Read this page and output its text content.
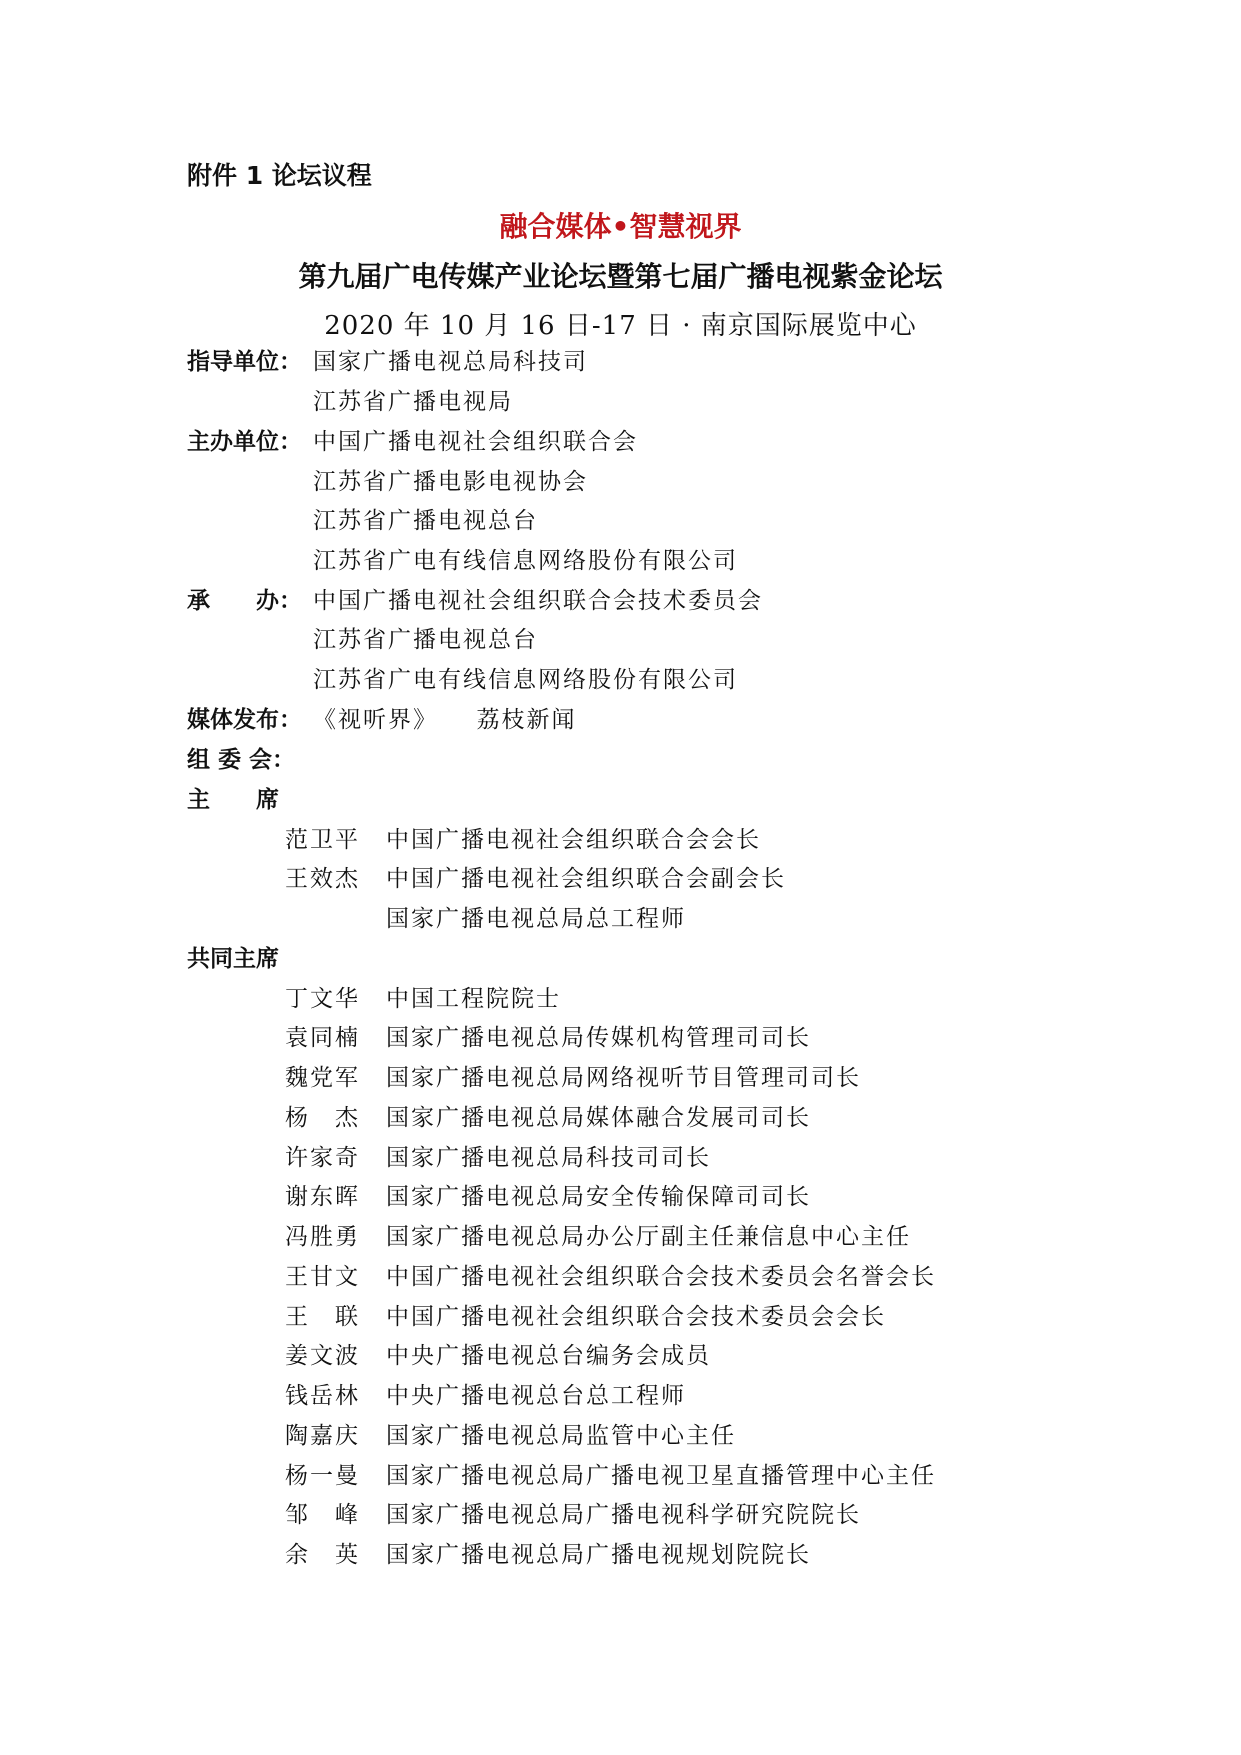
附件 1 论坛议程
融合媒体•智慧视界
第九届广电传媒产业论坛暨第七届广播电视紫金论坛
2020 年 10 月 16 日-17 日 · 南京国际展览中心
指导单位： 国家广播电视总局科技司
江苏省广播电视局
主办单位： 中国广播电视社会组织联合会
江苏省广播电影电视协会
江苏省广播电视总台
江苏省广电有线信息网络股份有限公司
承　　办： 中国广播电视社会组织联合会技术委员会
江苏省广播电视总台
江苏省广电有线信息网络股份有限公司
媒体发布： 《视听界》　　荔枝新闻
组 委 会：
主　　席
范卫平 中国广播电视社会组织联合会会长
王效杰 中国广播电视社会组织联合会副会长
国家广播电视总局总工程师
共同主席
丁文华 中国工程院院士
袁同楠 国家广播电视总局传媒机构管理司司长
魏党军 国家广播电视总局网络视听节目管理司司长
杨　杰 国家广播电视总局媒体融合发展司司长
许家奇 国家广播电视总局科技司司长
谢东晖 国家广播电视总局安全传输保障司司长
冯胜勇 国家广播电视总局办公厅副主任兼信息中心主任
王甘文 中国广播电视社会组织联合会技术委员会名誉会长
王　联 中国广播电视社会组织联合会技术委员会会长
姜文波 中央广播电视总台编务会成员
钱岳林 中央广播电视总台总工程师
陶嘉庆 国家广播电视总局监管中心主任
杨一曼 国家广播电视总局广播电视卫星直播管理中心主任
邹　峰 国家广播电视总局广播电视科学研究院院长
余　英 国家广播电视总局广播电视规划院院长
